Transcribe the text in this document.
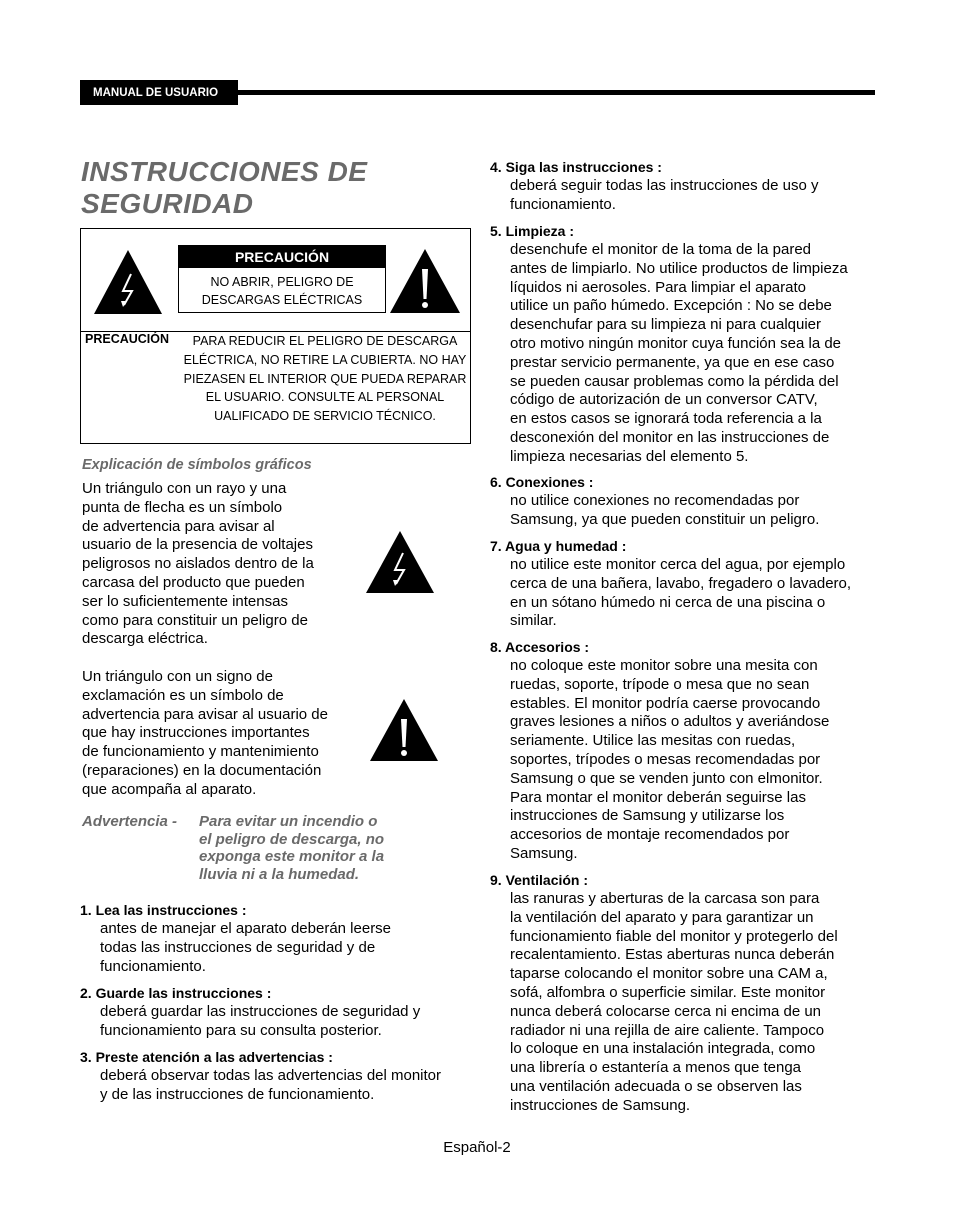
MANUAL DE USUARIO
INSTRUCCIONES DE
SEGURIDAD
PRECAUCIÓN
NO ABRIR, PELIGRO DE DESCARGAS ELÉCTRICAS
PRECAUCIÓN	PARA REDUCIR EL PELIGRO DE DESCARGA ELÉCTRICA, NO RETIRE LA CUBIERTA. NO HAY PIEZASEN EL INTERIOR QUE PUEDA REPARAR EL USUARIO. CONSULTE AL PERSONAL UALIFICADO DE SERVICIO TÉCNICO.
Explicación de símbolos gráficos
Un triángulo con un rayo y una
punta de flecha es un símbolo
de advertencia para avisar al
usuario de la presencia de voltajes
peligrosos no aislados dentro de la
carcasa del producto que pueden
ser lo suficientemente intensas
como para constituir un peligro de
descarga eléctrica.
Un triángulo con un signo de
exclamación es un símbolo de
advertencia para avisar al usuario de
que hay instrucciones importantes
de funcionamiento y mantenimiento
(reparaciones) en la documentación
que acompaña al aparato.
Advertencia - Para evitar un incendio o
el peligro de descarga, no
exponga este monitor a la
lluvia ni a la humedad.
1. Lea las instrucciones :
antes de manejar el aparato deberán leerse
todas las instrucciones de seguridad y de
funcionamiento.
2. Guarde las instrucciones :
deberá guardar las instrucciones de seguridad y
funcionamiento para su consulta posterior.
3. Preste atención a las advertencias :
deberá observar todas las advertencias del monitor
y de las instrucciones de funcionamiento.
4. Siga las instrucciones :
deberá seguir todas las instrucciones de uso y
funcionamiento.
5. Limpieza :
desenchufe el monitor de la toma de la pared
antes de limpiarlo. No utilice productos de limpieza
líquidos ni aerosoles. Para limpiar el aparato
utilice un paño húmedo. Excepción : No se debe
desenchufar para su limpieza ni para cualquier
otro motivo ningún monitor cuya función sea la de
prestar servicio permanente, ya que en ese caso
se pueden causar problemas como la pérdida del
código de autorización de un conversor CATV,
en estos casos se ignorará toda referencia a la
desconexión del monitor en las instrucciones de
limpieza necesarias del elemento 5.
6. Conexiones :
no utilice conexiones no recomendadas por
Samsung, ya que pueden constituir un peligro.
7. Agua y humedad :
no utilice este monitor cerca del agua, por ejemplo
cerca de una bañera, lavabo, fregadero o lavadero,
en un sótano húmedo ni cerca de una piscina o
similar.
8. Accesorios :
no coloque este monitor sobre una mesita con
ruedas, soporte, trípode o mesa que no sean
estables. El monitor podría caerse provocando
graves lesiones a niños o adultos y averiándose
seriamente. Utilice las mesitas con ruedas,
soportes, trípodes o mesas recomendadas por
Samsung o que se venden junto con elmonitor.
Para montar el monitor deberán seguirse las
instrucciones de Samsung y utilizarse los
accesorios de montaje recomendados por
Samsung.
9. Ventilación :
las ranuras y aberturas de la carcasa son para
la ventilación del aparato y para garantizar un
funcionamiento fiable del monitor y protegerlo del
recalentamiento. Estas aberturas nunca deberán
taparse colocando el monitor sobre una CAM a,
sofá, alfombra o superficie similar. Este monitor
nunca deberá colocarse cerca ni encima de un
radiador ni una rejilla de aire caliente. Tampoco
lo coloque en una instalación integrada, como
una librería o estantería a menos que tenga
una ventilación adecuada o se observen las
instrucciones de Samsung.
Español-2
